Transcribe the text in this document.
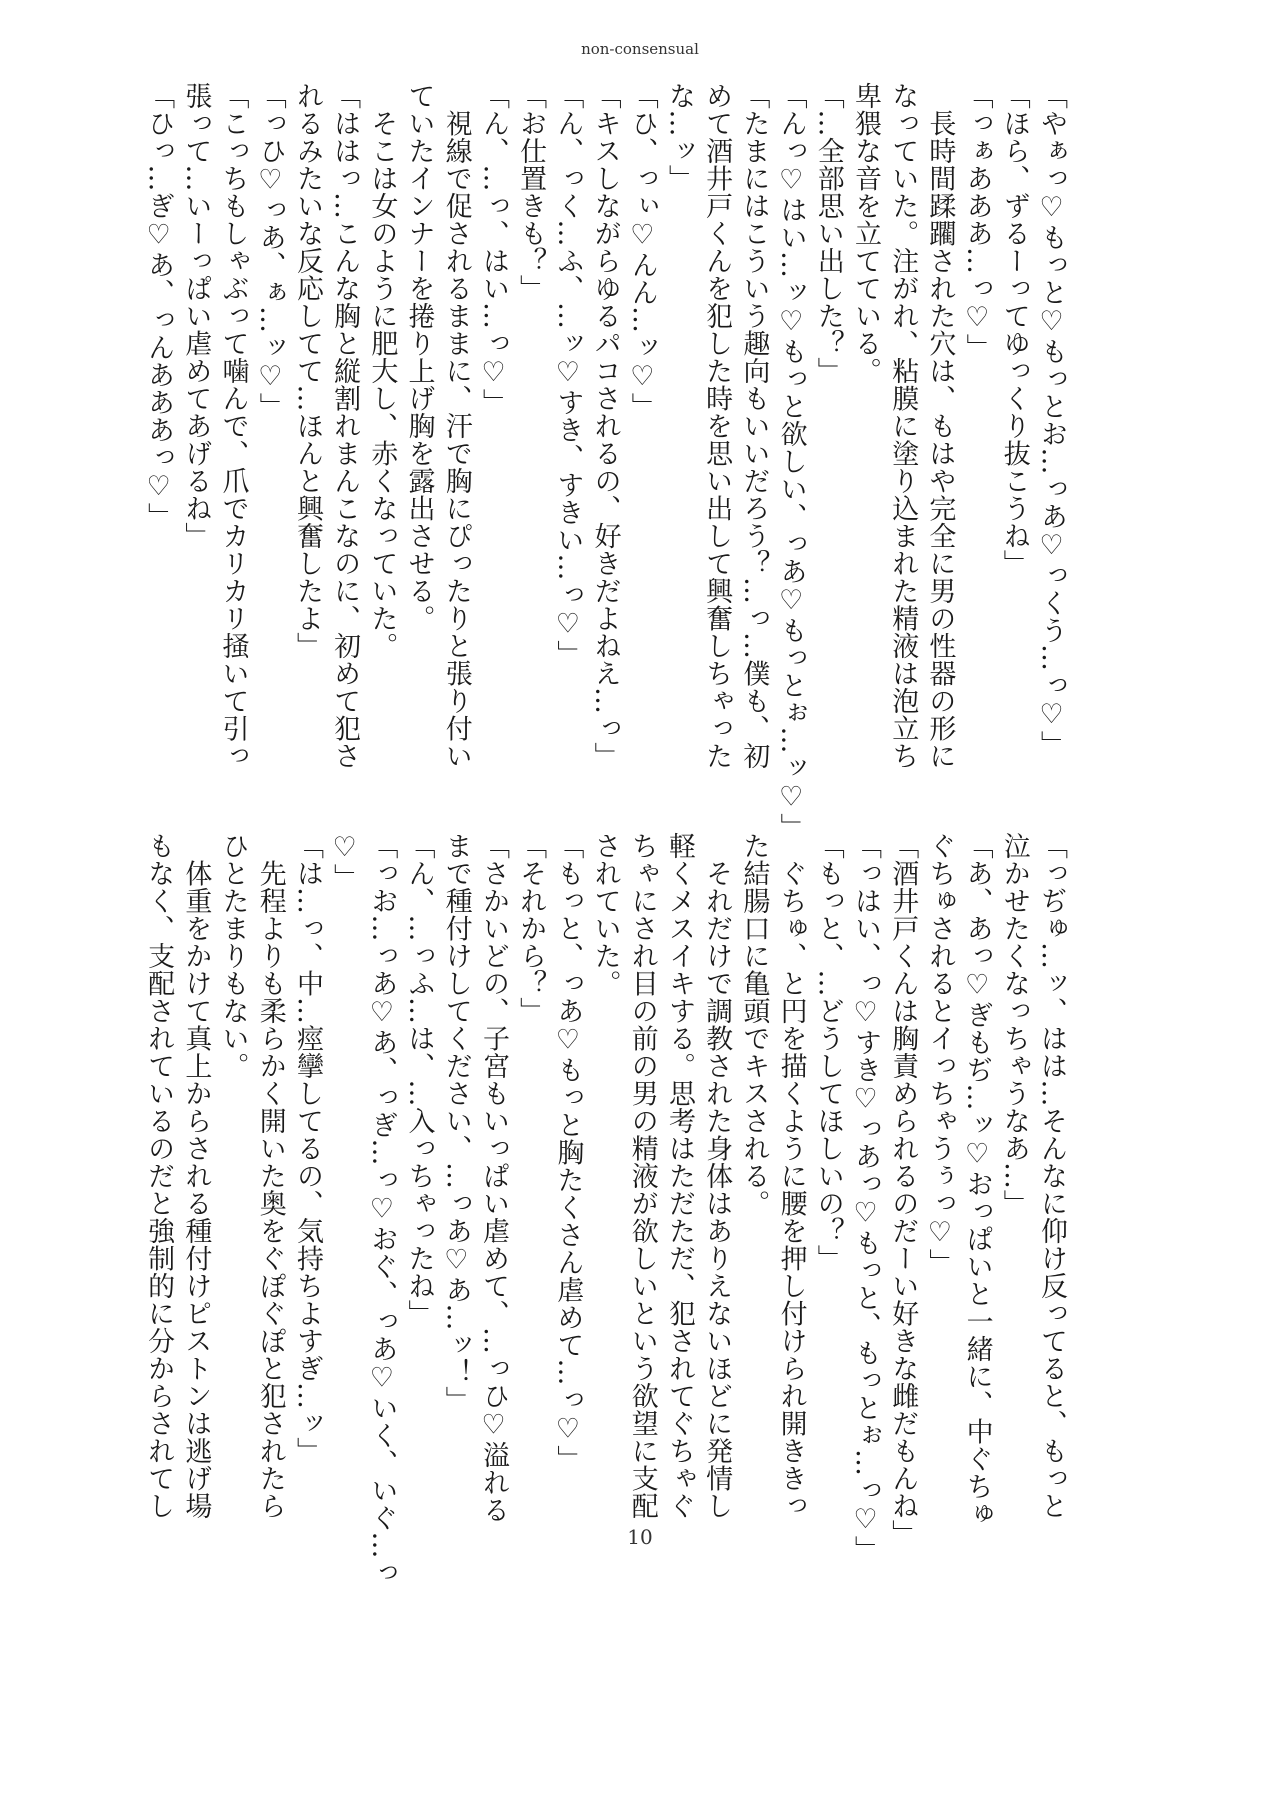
non-consensual
「やぁっ♡もっと♡もっとお…っあ♡っくう…っ♡」
「ほら、ずるーってゆっくり抜こうね」
「っぁあああ…っ♡」
　長時間蹂躙された穴は、もはや完全に男の性器の形に
なっていた。注がれ、粘膜に塗り込まれた精液は泡立ち
卑猥な音を立てている。
「…全部思い出した？」
「んっ♡はい…ッ♡もっと欲しい、っあ♡もっとぉ…ッ♡」
「たまにはこういう趣向もいいだろう？…っ…僕も、初
めて酒井戸くんを犯した時を思い出して興奮しちゃった
な…ッ」
「ひ、っぃ♡んん…ッ♡」
「キスしながらゆるパコされるの、好きだよねえ…っ」
「ん、っく…ふ、…ッ♡すき、すきい…っ♡」
「お仕置きも？」
「ん、…っ、はい…っ♡」
　視線で促されるままに、汗で胸にぴったりと張り付い
ていたインナーを捲り上げ胸を露出させる。
　そこは女のように肥大し、赤くなっていた。
「ははっ…こんな胸と縦割れまんこなのに、初めて犯さ
れるみたいな反応してて…ほんと興奮したよ」
「っひ♡っあ、ぁ…ッ♡」
「こっちもしゃぶって噛んで、爪でカリカリ掻いて引っ
張って…いーっぱい虐めてあげるね」
「ひっ…ぎ♡あ、っんあああっ♡」
「っぢゅ…ッ、はは…そんなに仰け反ってると、もっと
泣かせたくなっちゃうなあ…」
「あ、あっ♡ぎもぢ…ッ♡おっぱいと一緒に、中ぐちゅ
ぐちゅされるとイっちゃうぅっ♡」
「酒井戸くんは胸責められるのだーい好きな雌だもんね」
「っはい、っ♡すき♡っあっ♡もっと、もっとぉ…っ♡」
「もっと、…どうしてほしいの？」
　ぐちゅ、と円を描くように腰を押し付けられ開ききっ
た結腸口に亀頭でキスされる。
　それだけで調教された身体はありえないほどに発情し
軽くメスイキする。思考はただただ、犯されてぐちゃぐ
ちゃにされ目の前の男の精液が欲しいという欲望に支配
されていた。
「もっと、っあ♡もっと胸たくさん虐めて…っ♡」
「それから？」
「さかいどの、子宮もいっぱい虐めて、…っひ♡溢れる
まで種付けしてください、…っあ♡あ…ッ！」
「ん、…っふ…は、…入っちゃったね」
「っお…っあ♡あ、っぎ…っ♡おぐ、っあ♡いく、いぐ…っ
♡」
「は…っ、中…痙攣してるの、気持ちよすぎ…ッ」
　先程よりも柔らかく開いた奥をぐぽぐぽと犯されたら
ひとたまりもない。
　体重をかけて真上からされる種付けピストンは逃げ場
もなく、支配されているのだと強制的に分からされてし
10
